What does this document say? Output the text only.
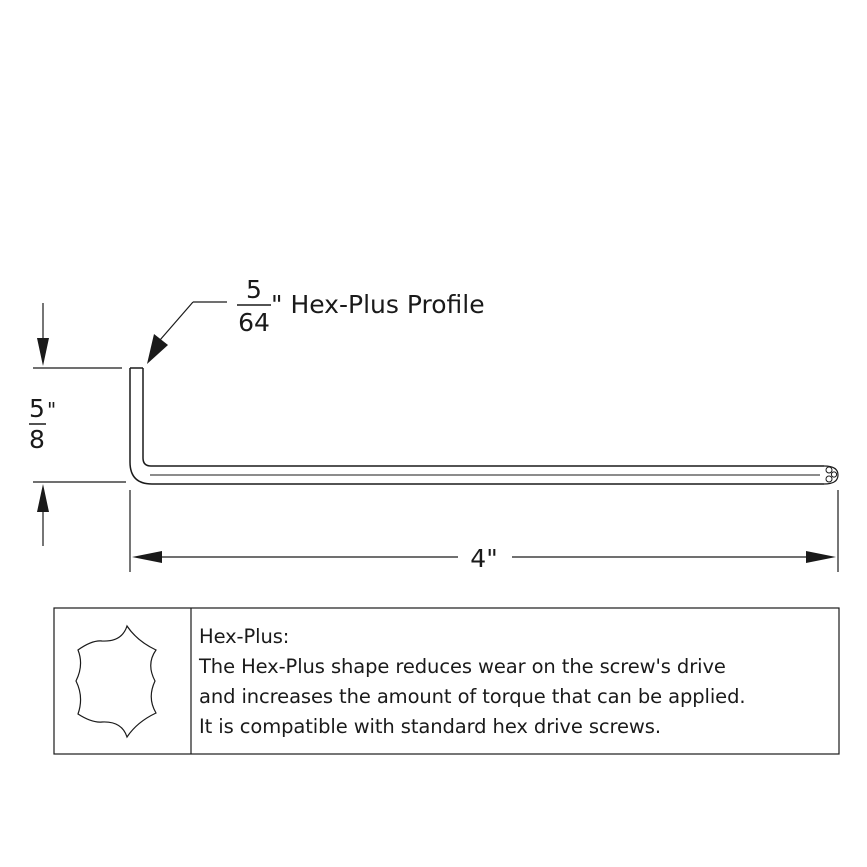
5
64
" Hex-Plus Profile
5
8
"
4"
Hex-Plus:
The Hex-Plus shape reduces wear on the screw's drive
and increases the amount of torque that can be applied.
It is compatible with standard hex drive screws.
